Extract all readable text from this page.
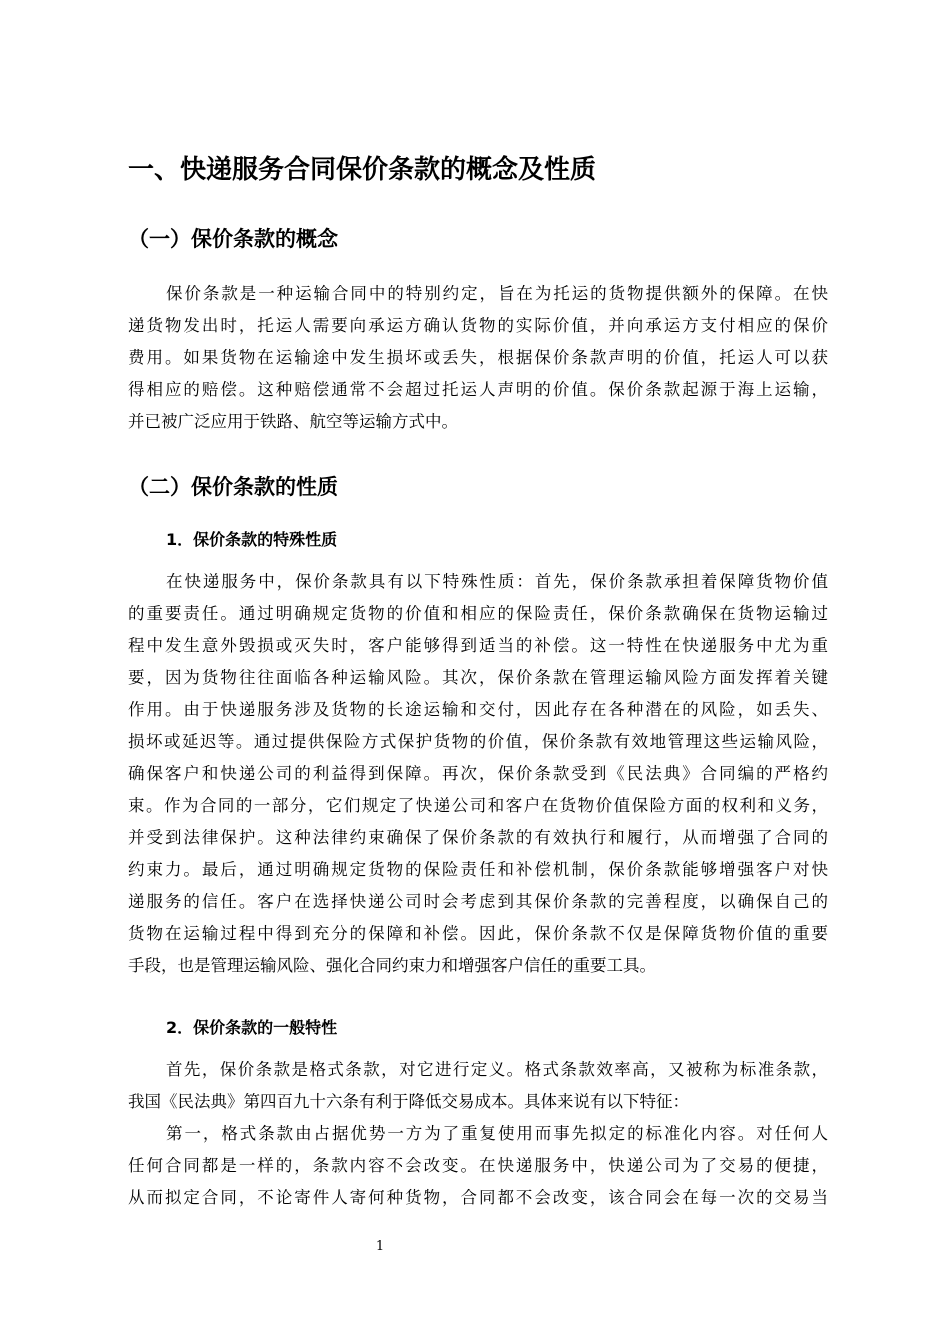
一、快递服务合同保价条款的概念及性质
（一）保价条款的概念
保价条款是一种运输合同中的特别约定，旨在为托运的货物提供额外的保障。在快
递货物发出时，托运人需要向承运方确认货物的实际价值，并向承运方支付相应的保价
费用。如果货物在运输途中发生损坏或丢失，根据保价条款声明的价值，托运人可以获
得相应的赔偿。这种赔偿通常不会超过托运人声明的价值。保价条款起源于海上运输，
并已被广泛应用于铁路、航空等运输方式中。
（二）保价条款的性质
1．保价条款的特殊性质
在快递服务中，保价条款具有以下特殊性质：首先，保价条款承担着保障货物价值
的重要责任。通过明确规定货物的价值和相应的保险责任，保价条款确保在货物运输过
程中发生意外毁损或灭失时，客户能够得到适当的补偿。这一特性在快递服务中尤为重
要，因为货物往往面临各种运输风险。其次，保价条款在管理运输风险方面发挥着关键
作用。由于快递服务涉及货物的长途运输和交付，因此存在各种潜在的风险，如丢失、
损坏或延迟等。通过提供保险方式保护货物的价值，保价条款有效地管理这些运输风险，
确保客户和快递公司的利益得到保障。再次，保价条款受到《民法典》合同编的严格约
束。作为合同的一部分，它们规定了快递公司和客户在货物价值保险方面的权利和义务，
并受到法律保护。这种法律约束确保了保价条款的有效执行和履行，从而增强了合同的
约束力。最后，通过明确规定货物的保险责任和补偿机制，保价条款能够增强客户对快
递服务的信任。客户在选择快递公司时会考虑到其保价条款的完善程度，以确保自己的
货物在运输过程中得到充分的保障和补偿。因此，保价条款不仅是保障货物价值的重要
手段，也是管理运输风险、强化合同约束力和增强客户信任的重要工具。
2．保价条款的一般特性
首先，保价条款是格式条款，对它进行定义。格式条款效率高，又被称为标准条款，
我国《民法典》第四百九十六条有利于降低交易成本。具体来说有以下特征：
第一，格式条款由占据优势一方为了重复使用而事先拟定的标准化内容。对任何人
任何合同都是一样的，条款内容不会改变。在快递服务中，快递公司为了交易的便捷，
从而拟定合同，不论寄件人寄何种货物，合同都不会改变，该合同会在每一次的交易当
1
